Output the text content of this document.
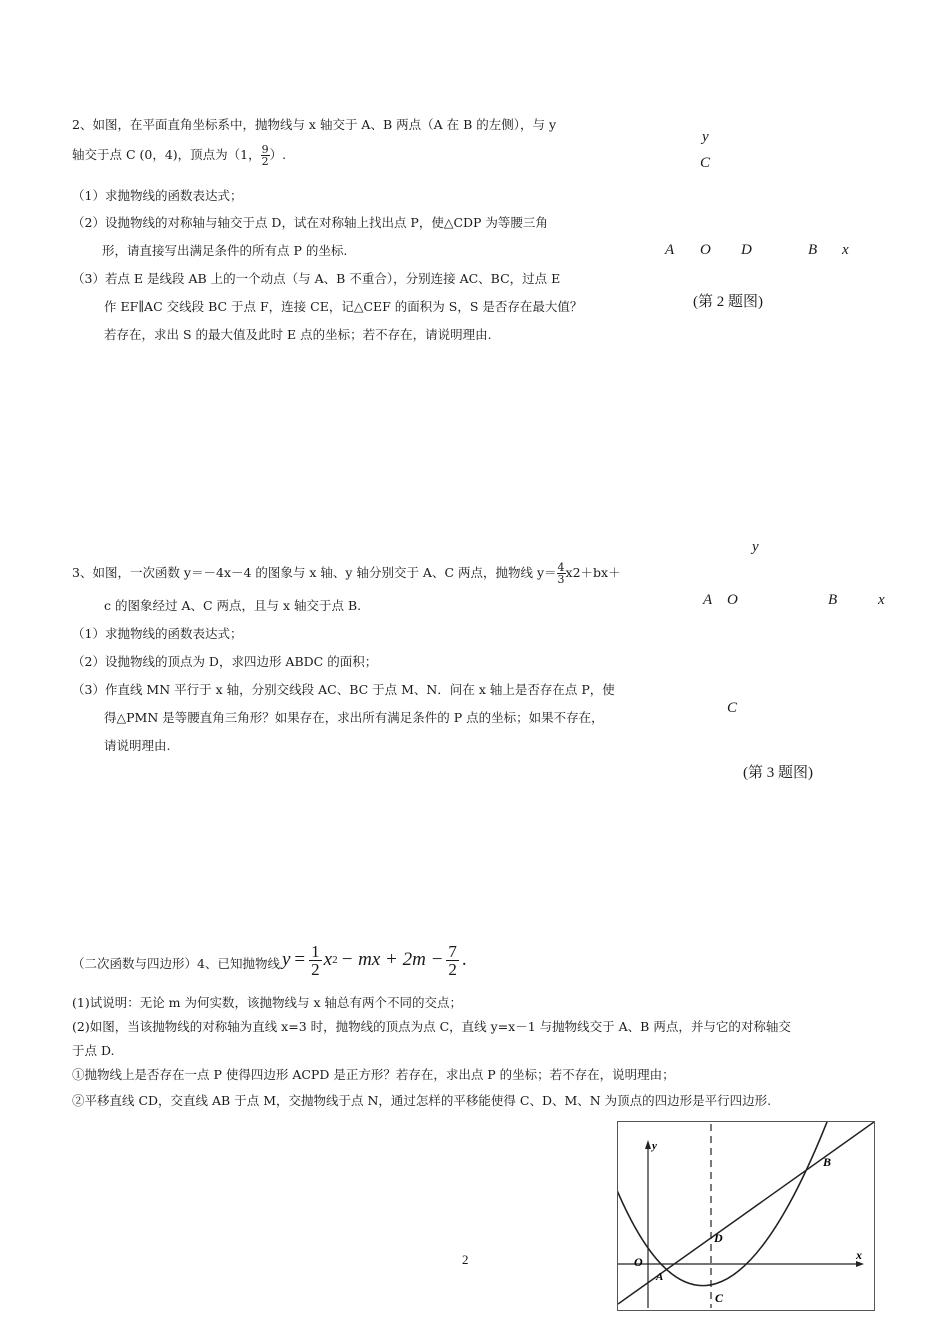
2、如图，在平面直角坐标系中，抛物线与 x 轴交于 A、B 两点（A 在 B 的左侧），与 y
轴交于点 C (0，4)，顶点为（1， $\frac{9}{2}$ ）.
（1）求抛物线的函数表达式；
（2）设抛物线的对称轴与轴交于点 D，试在对称轴上找出点 P，使△CDP 为等腰三角
形，请直接写出满足条件的所有点 P 的坐标.
（3）若点 E 是线段 AB 上的一个动点（与 A、B 不重合），分别连接 AC、BC，过点 E
作 EF∥AC 交线段 BC 于点 F，连接 CE，记△CEF 的面积为 S，S 是否存在最大值？
若存在，求出 S 的最大值及此时 E 点的坐标；若不存在，请说明理由.
y
C
A O D	B x
(第 2 题图)
3、如图，一次函数 y＝－4x－4 的图象与 x 轴、y 轴分别交于 A、C 两点，抛物线 $y= \frac{4}{3} x2+bx+$
c 的图象经过 A、C 两点，且与 x 轴交于点 B.
（1）求抛物线的函数表达式；
（2）设抛物线的顶点为 D，求四边形 ABDC 的面积；
（3）作直线 MN 平行于 x 轴，分别交线段 AC、BC 于点 M、N．问在 x 轴上是否存在点 P，使
得△PMN 是等腰直角三角形？如果存在，求出所有满足条件的 P 点的坐标；如果不存在，
请说明理由.
y
A O	B	x
C
(第 3 题图)
（二次函数与四边形）4、已知抛物线 $y = \frac{1}{2}$ x 2 − mx + $2m - \frac{7}{2}$ .
(1)试说明：无论 m 为何实数，该抛物线与 x 轴总有两个不同的交点；
(2)如图，当该抛物线的对称轴为直线 x=3 时，抛物线的顶点为点 C，直线 y=x－1 与抛物线交于 A、B 两点，并与它的对称轴交
于点 D.
①抛物线上是否存在一点 P 使得四边形 ACPD 是正方形？若存在，求出点 P 的坐标；若不存在，说明理由；
②平移直线 CD，交直线 AB 于点 M，交抛物线于点 N，通过怎样的平移能使得 C、D、M、N 为顶点的四边形是平行四边形.
y
x
O
A
B
D
C
2
